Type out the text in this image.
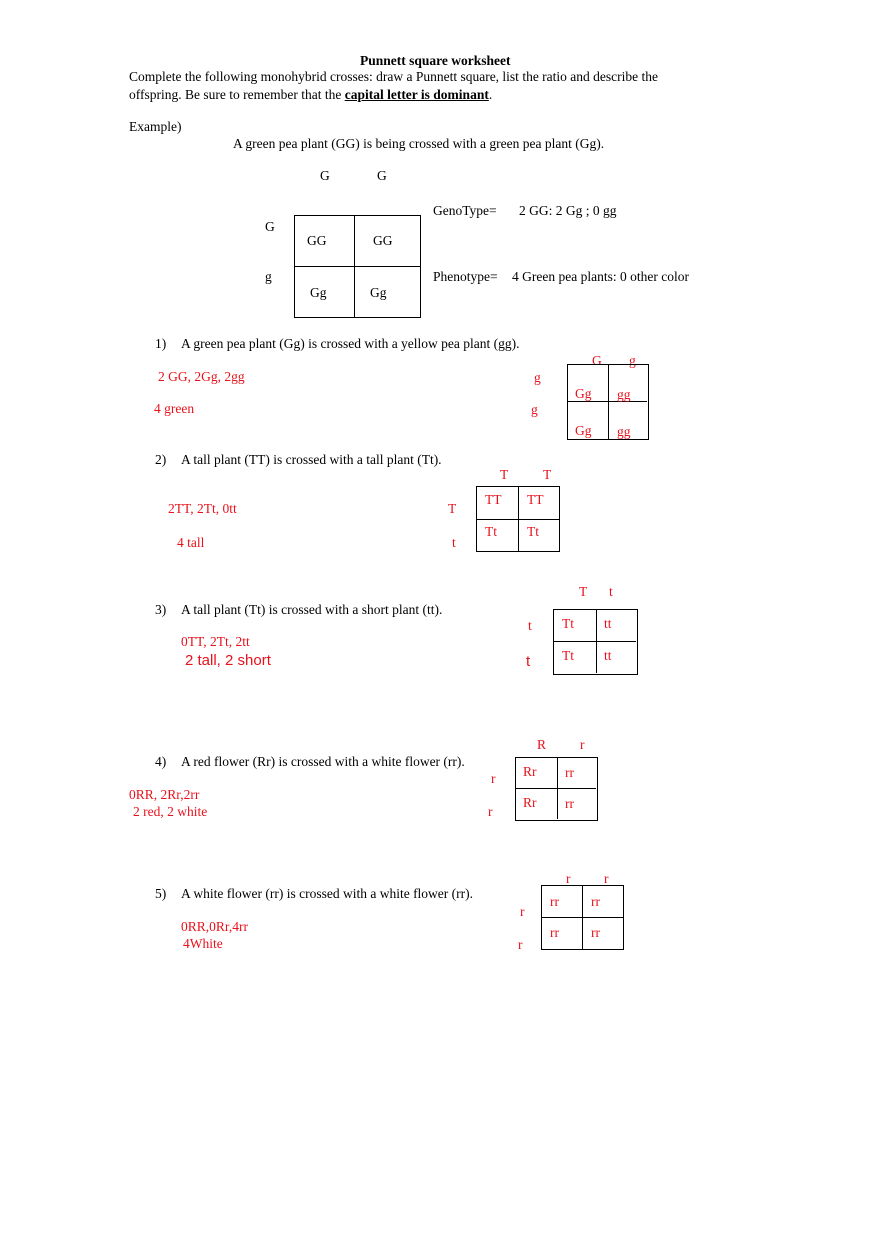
Punnett square worksheet
Complete the following monohybrid crosses: draw a Punnett square, list the ratio and describe the
offspring. Be sure to remember that the capital letter is dominant.
Example)
A green pea plant (GG) is being crossed with a green pea plant (Gg).
G	G
G
g
GG	GG
Gg	Gg
GenoType= 2 GG: 2 Gg ; 0 gg
Phenotype= 4 Green pea plants: 0 other color
1) A green pea plant (Gg) is crossed with a yellow pea plant (gg).
2 GG, 2Gg, 2gg
4 green
G g
g
g
Gg gg
Gg gg
2) A tall plant (TT) is crossed with a tall plant (Tt).
2TT, 2Tt, 0tt
4 tall
T	T
T
t
TT TT
Tt Tt
3) A tall plant (Tt) is crossed with a short plant (tt).
0TT, 2Tt, 2tt
2 tall, 2 short
T t
t
t
Tt tt
Tt tt
4) A red flower (Rr) is crossed with a white flower (rr).
0RR, 2Rr,2rr
2 red, 2 white
R	r
r
r
Rr rr
Rr rr
5) A white flower (rr) is crossed with a white flower (rr).
0RR,0Rr,4rr
4White
r r
r
r
rr rr
rr rr
